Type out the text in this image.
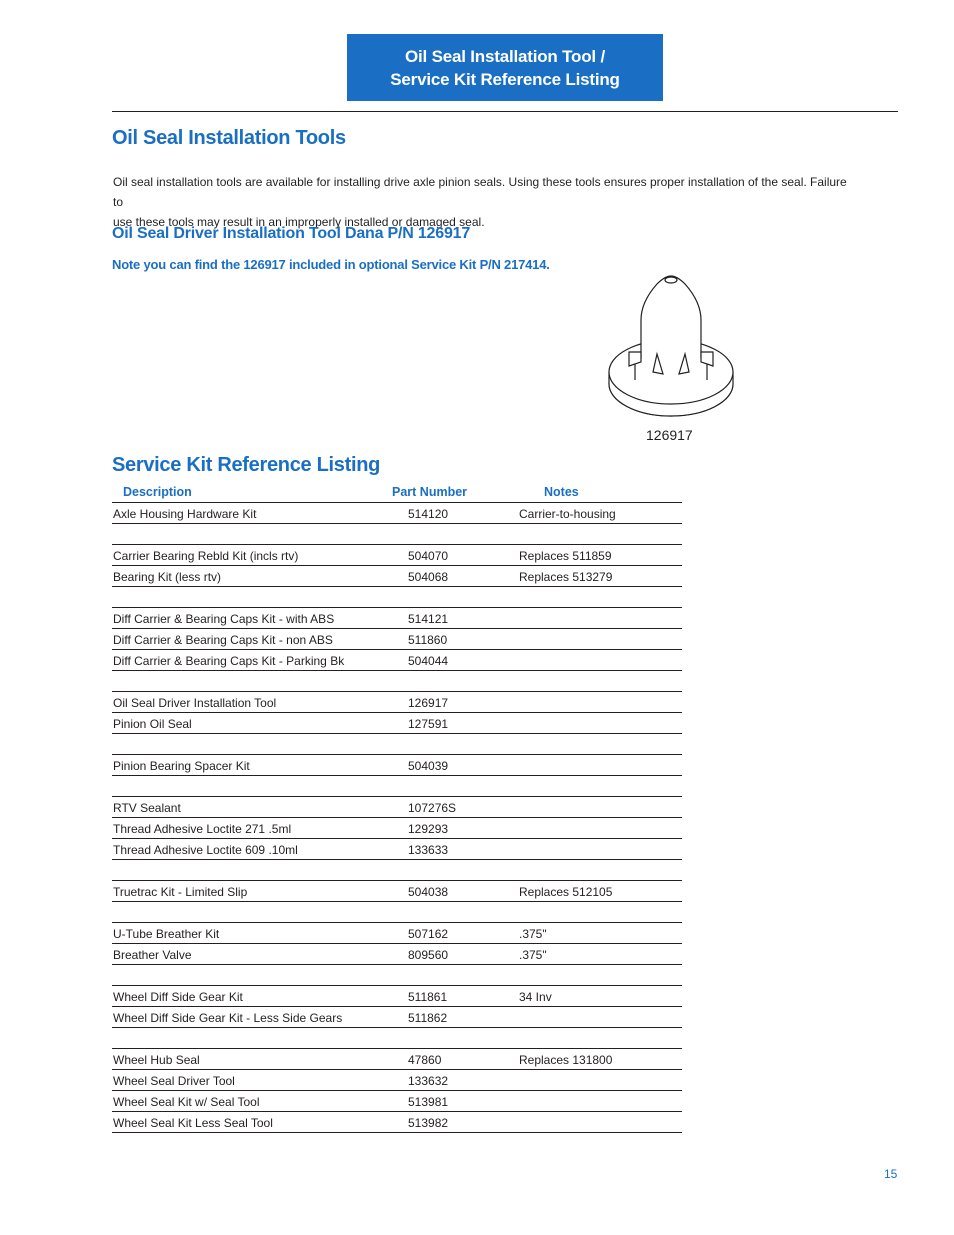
Oil Seal Installation Tool /
Service Kit Reference Listing
Oil Seal Installation Tools
Oil seal installation tools are available for installing drive axle pinion seals. Using these tools ensures proper installation of the seal. Failure to
use these tools may result in an improperly installed or damaged seal.
Oil Seal Driver Installation Tool Dana P/N 126917
Note you can find the 126917 included in optional Service Kit P/N 217414.
126917
Service Kit Reference Listing
Description	Part Number	Notes
Axle Housing Hardware Kit	514120	Carrier-to-housing
Carrier Bearing Rebld Kit (incls rtv)	504070	Replaces 511859
Bearing Kit (less rtv)	504068	Replaces 513279
Diff Carrier & Bearing Caps Kit - with ABS	514121
Diff Carrier & Bearing Caps Kit - non ABS	511860
Diff Carrier & Bearing Caps Kit - Parking Bk	504044
Oil Seal Driver Installation Tool	126917
Pinion Oil Seal	127591
Pinion Bearing Spacer Kit	504039
RTV Sealant	107276S
Thread Adhesive Loctite 271 .5ml	129293
Thread Adhesive Loctite 609 .10ml	133633
Truetrac Kit - Limited Slip	504038	Replaces 512105
U-Tube Breather Kit	507162	.375"
Breather Valve	809560	.375"
Wheel Diff Side Gear Kit	511861	34 Inv
Wheel Diff Side Gear Kit - Less Side Gears	511862
Wheel Hub Seal	47860	Replaces 131800
Wheel Seal Driver Tool	133632
Wheel Seal Kit w/ Seal Tool	513981
Wheel Seal Kit Less Seal Tool	513982
15
